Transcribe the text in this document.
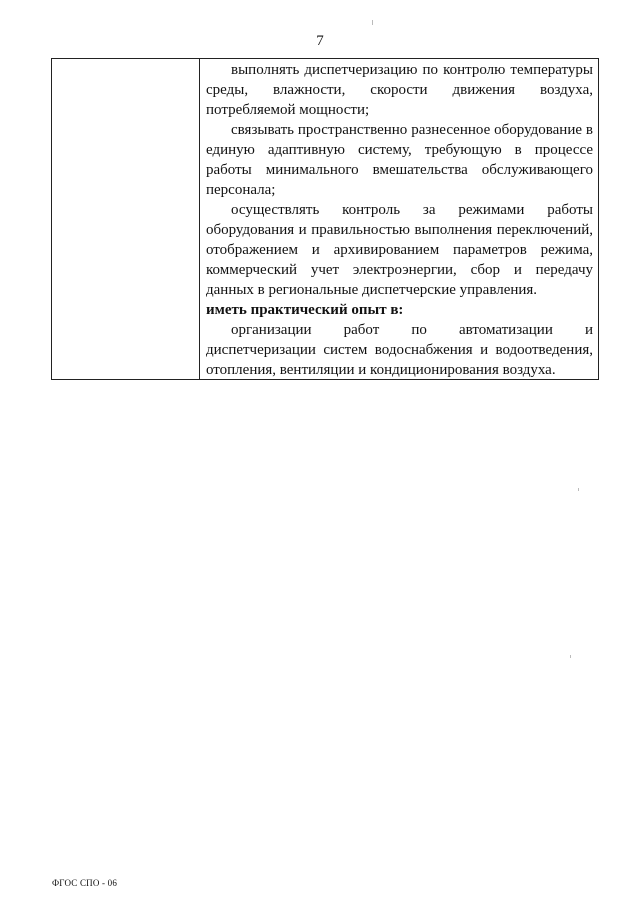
7

выполнять диспетчеризацию по контролю температуры среды, влажности, скорости движения воздуха, потребляемой мощности;

связывать пространственно разнесенное оборудование в единую адаптивную систему, требующую в процессе работы минимального вмешательства обслуживающего персонала;

осуществлять контроль за режимами работы оборудования и правильностью выполнения переключений, отображением и архивированием параметров режима, коммерческий учет электроэнергии, сбор и передачу данных в региональные диспетчерские управления.

иметь практический опыт в:

организации работ по автоматизации и диспетчеризации систем водоснабжения и водоотведения, отопления, вентиляции и кондиционирования воздуха.

ФГОС СПО - 06
